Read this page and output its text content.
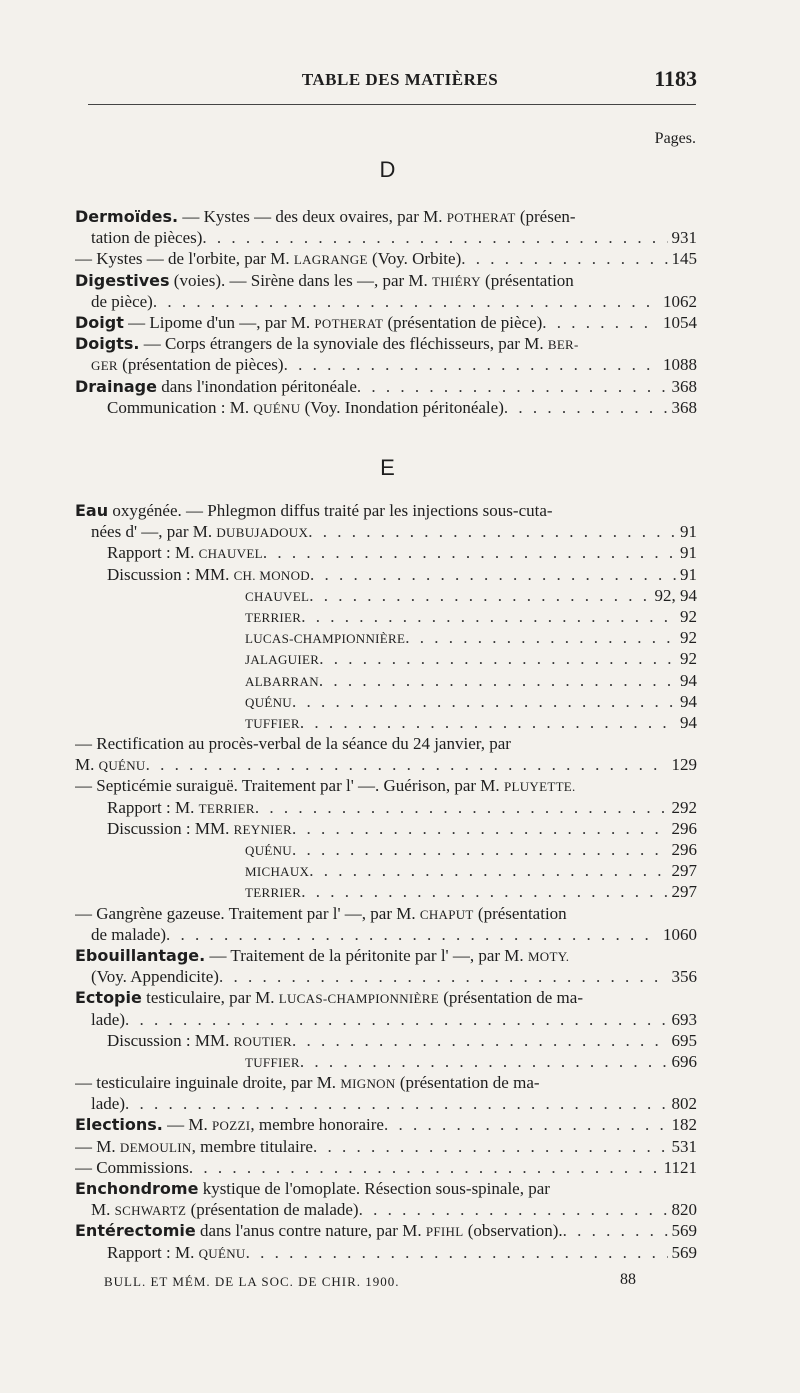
TABLE DES MATIÈRES	1183
Pages.
D
Dermoïdes. — Kystes — des deux ovaires, par M. POTHERAT (présen-
tation de pièces) . . .	931
— Kystes — de l'orbite, par M. LAGRANGE (Voy. Orbite) . . .	145
Digestives (voies). — Sirène dans les —, par M. THIÉRY (présentation
de pièce) . . .	1062
Doigt — Lipome d'un —, par M. POTHERAT (présentation de pièce) . . .	1054
Doigts. — Corps étrangers de la synoviale des fléchisseurs, par M. BER-
GER (présentation de pièces) . . .	1088
Drainage dans l'inondation péritonéale . . .	368
Communication : M. QUÉNU (Voy. Inondation péritonéale) . . .	368
E
Eau oxygénée. — Phlegmon diffus traité par les injections sous-cuta-
nées d' —, par M. DUBUJADOUX . . .	91
Rapport : M. CHAUVEL . . .	91
Discussion : MM. CH. MONOD . . .	91
CHAUVEL . . .	92, 94
TERRIER . . .	92
LUCAS-CHAMPIONNIÈRE . . .	92
JALAGUIER . . .	92
ALBARRAN . . .	94
QUÉNU . . .	94
TUFFIER . . .	94
— Rectification au procès-verbal de la séance du 24 janvier, par
M. QUÉNU . . .	129
— Septicémie suraiguë. Traitement par l' —. Guérison, par M. PLUYETTE.
Rapport : M. TERRIER . . .	292
Discussion : MM. REYNIER . . .	296
QUÉNU . . .	296
MICHAUX . . .	297
TERRIER . . .	297
— Gangrène gazeuse. Traitement par l' —, par M. CHAPUT (présentation
de malade) . . .	1060
Ebouillantage. — Traitement de la péritonite par l' —, par M. MOTY.
(Voy. Appendicite) . . .	356
Ectopie testiculaire, par M. LUCAS-CHAMPIONNIÈRE (présentation de ma-
lade) . . .	693
Discussion : MM. ROUTIER . . .	695
TUFFIER . . .	696
— testiculaire inguinale droite, par M. MIGNON (présentation de ma-
lade) . . .	802
Elections. — M. POZZI, membre honoraire . . .	182
— M. DEMOULIN, membre titulaire . . .	531
— Commissions . . .	1121
Enchondrome kystique de l'omoplate. Résection sous-spinale, par
M. SCHWARTZ (présentation de malade) . . .	820
Entérectomie dans l'anus contre nature, par M. PFIHL (observation). . . .	569
Rapport : M. QUÉNU . . .	569
BULL. ET MÉM. DE LA SOC. DE CHIR. 1900.	88
